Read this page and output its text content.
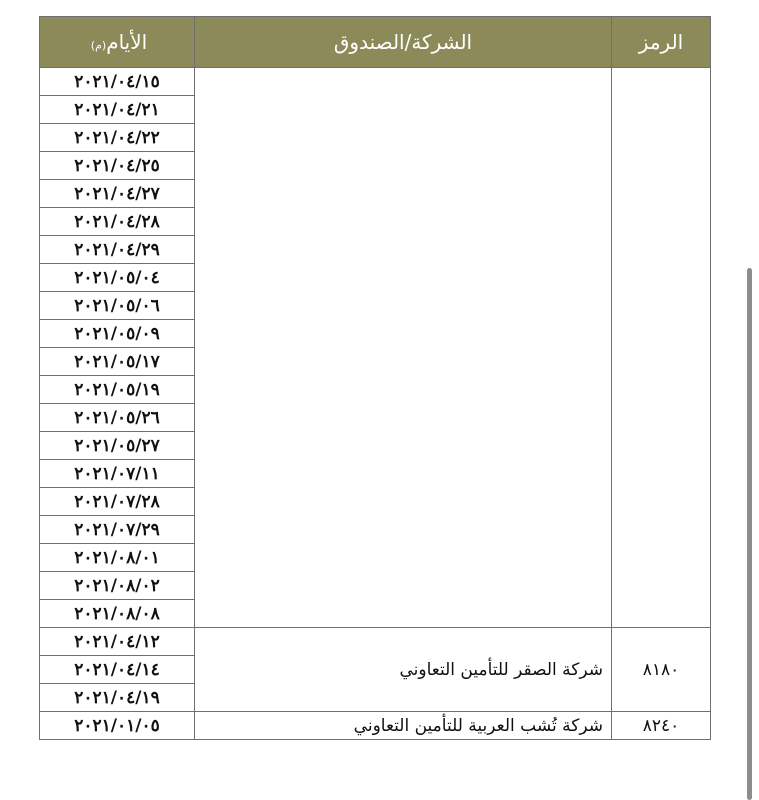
الأيام(م)	الشركة/الصندوق	الرمز
٢٠٢١/٠٤/١٥		
٢٠٢١/٠٤/٢١		
٢٠٢١/٠٤/٢٢		
٢٠٢١/٠٤/٢٥		
٢٠٢١/٠٤/٢٧		
٢٠٢١/٠٤/٢٨		
٢٠٢١/٠٤/٢٩		
٢٠٢١/٠٥/٠٤		
٢٠٢١/٠٥/٠٦		
٢٠٢١/٠٥/٠٩		
٢٠٢١/٠٥/١٧		
٢٠٢١/٠٥/١٩		
٢٠٢١/٠٥/٢٦		
٢٠٢١/٠٥/٢٧		
٢٠٢١/٠٧/١١		
٢٠٢١/٠٧/٢٨		
٢٠٢١/٠٧/٢٩		
٢٠٢١/٠٨/٠١		
٢٠٢١/٠٨/٠٢		
٢٠٢١/٠٨/٠٨		
٢٠٢١/٠٤/١٢	شركة الصقر للتأمين التعاوني	٨١٨٠
٢٠٢١/٠٤/١٤		
٢٠٢١/٠٤/١٩		
٢٠٢١/٠١/٠٥	شركة تُشب العربية للتأمين التعاوني	٨٢٤٠
